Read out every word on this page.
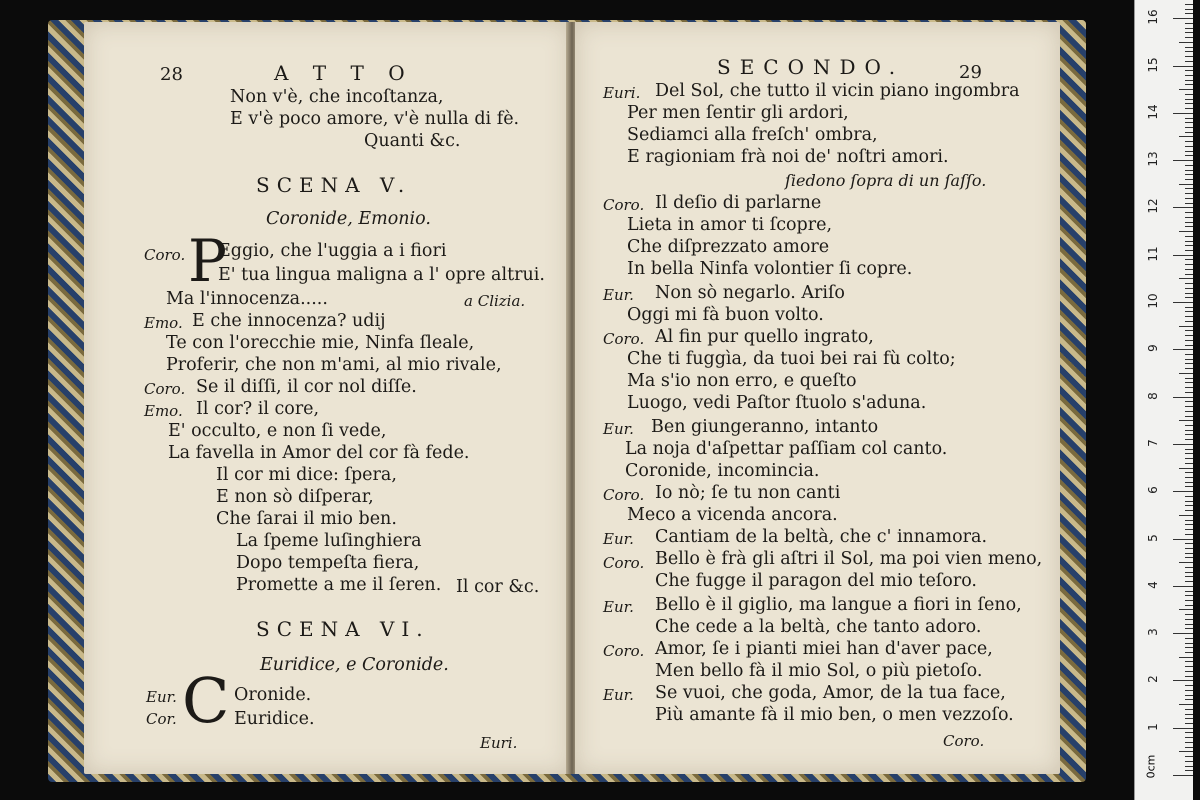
28	A T T O
Non v'è, che incoſtanza,
E v'è poco amore, v'è nulla di fè.
Quanti &c.
SCENA V.
Coronide, Emonio.
Coro. P
Eggio, che l'uggia a i fiori
E' tua lingua maligna a l' opre altrui.
Ma l'innocenza.....	a Clizia.
Emo. E che innocenza? udij
Te con l'orecchie mie, Ninfa ſleale,
Proferir, che non m'ami, al mio rivale,
Coro. Se il diſſi, il cor nol diſſe.
Emo. Il cor? il core,
E' occulto, e non ſi vede,
La favella in Amor del cor fà fede.
Il cor mi dice: ſpera,
E non sò diſperar,
Che ſarai il mio ben.
La ſpeme luſinghiera
Dopo tempeſta fiera,
Promette a me il ſeren. Il cor &c.
SCENA VI.
Euridice, e Coronide.
Eur.
Cor. C Oronide.
Euridice.
Euri.
SECONDO.	29
Euri. Del Sol, che tutto il vicin piano ingombra
Per men ſentir gli ardori,
Sediamci alla freſch' ombra,
E ragioniam frà noi de' noſtri amori.
ſiedono ſopra di un ſaſſo.
Coro. Il deſio di parlarne
Lieta in amor ti ſcopre,
Che diſprezzato amore
In bella Ninfa volontier ſi copre.
Eur. Non sò negarlo. Ariſo
Oggi mi fà buon volto.
Coro. Al fin pur quello ingrato,
Che ti fuggìa, da tuoi bei rai fù colto;
Ma s'io non erro, e queſto
Luogo, vedi Paſtor ſtuolo s'aduna.
Eur. Ben giungeranno, intanto
La noja d'aſpettar paſſiam col canto.
Coronide, incomincia.
Coro. Io nò; ſe tu non canti
Meco a vicenda ancora.
Eur. Cantiam de la beltà, che c' innamora.
Coro. Bello è frà gli aſtri il Sol, ma poi vien meno,
Che fugge il paragon del mio teſoro.
Eur. Bello è il giglio, ma langue a fiori in ſeno,
Che cede a la beltà, che tanto adoro.
Coro. Amor, ſe i pianti miei han d'aver pace,
Men bello fà il mio Sol, o più pietoſo.
Eur. Se vuoi, che goda, Amor, de la tua face,
Più amante fà il mio ben, o men vezzoſo.
Coro.
0cm
1
2
3
4
5
6
7
8
9
10
11
12
13
14
15
16
